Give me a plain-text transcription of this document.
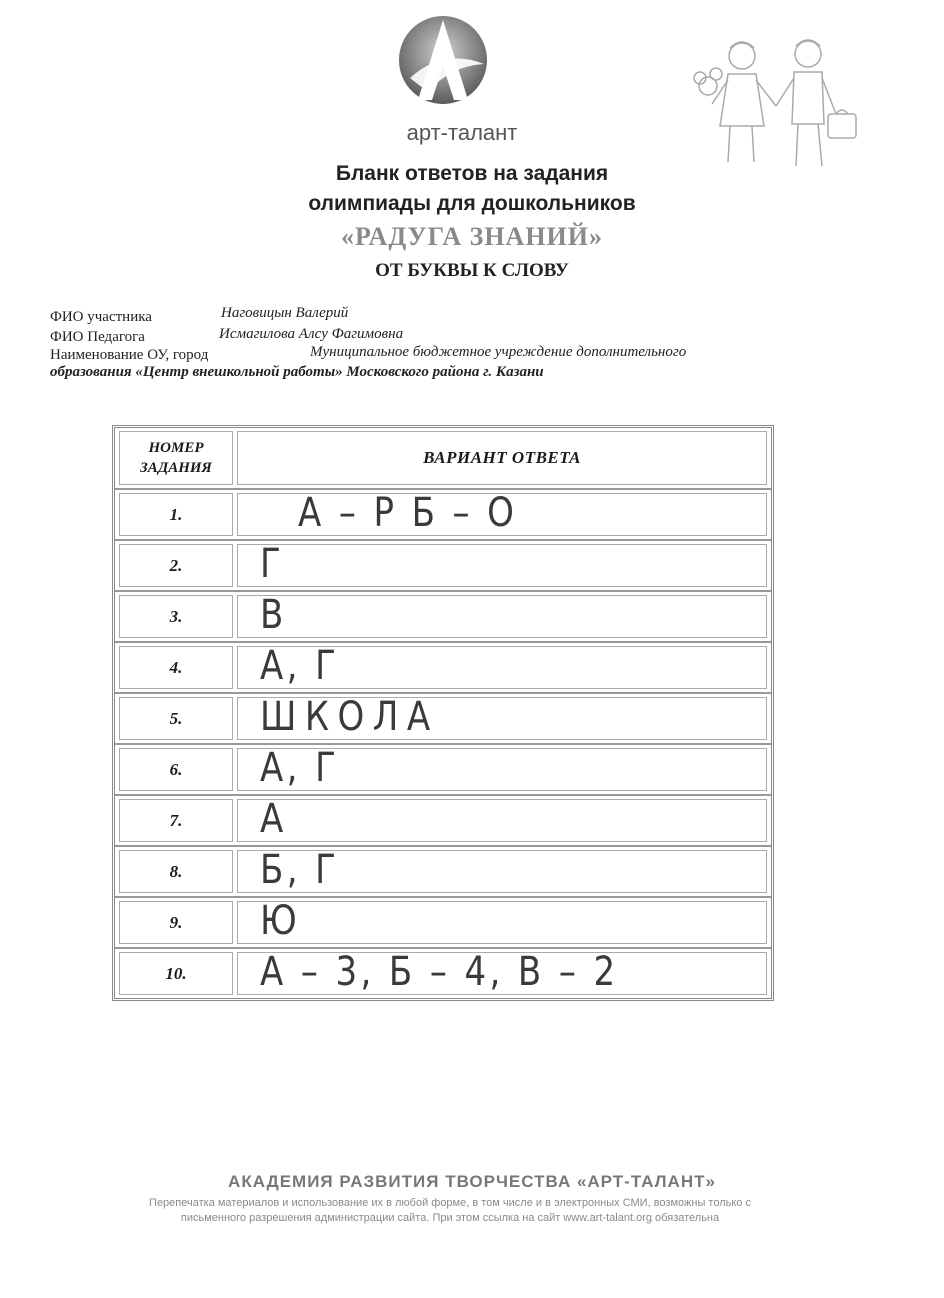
арт-талант
Бланк ответов на задания
олимпиады для дошкольников
«РАДУГА ЗНАНИЙ»
ОТ БУКВЫ К СЛОВУ
ФИО участника	Наговицын Валерий
ФИО Педагога	Исмагилова Алсу Фагимовна
Наименование ОУ, город	Муниципальное бюджетное учреждение дополнительного
образования «Центр внешкольной работы» Московского района г. Казани
НОМЕР
ЗАДАНИЯ
ВАРИАНТ ОТВЕТА
1.	А – Р Б – О
2.	Г
3.	В
4.	А, Г
5.	ШКОЛА
6.	А, Г
7.	А
8.	Б, Г
9.	Ю
10.	А – 3, Б – 4, В – 2
АКАДЕМИЯ РАЗВИТИЯ ТВОРЧЕСТВА «АРТ-ТАЛАНТ»
Перепечатка материалов и использование их в любой форме, в том числе и в электронных СМИ, возможны только с
письменного разрешения администрации сайта. При этом ссылка на сайт www.art-talant.org обязательна
